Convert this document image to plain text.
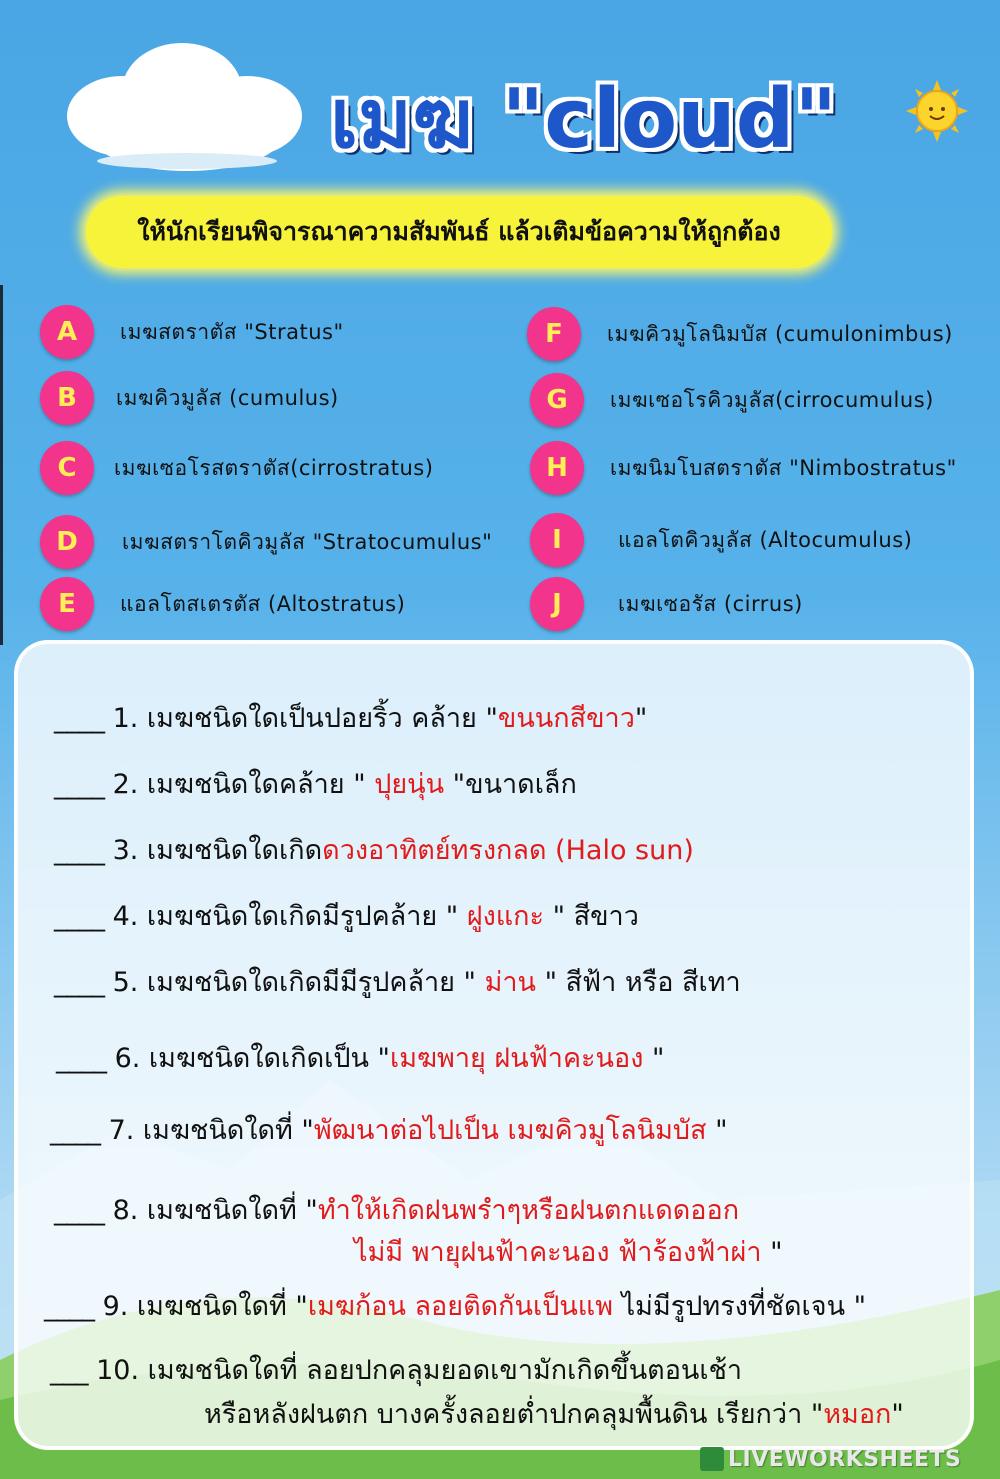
เมฆ "cloud"
ให้นักเรียนพิจารณาความสัมพันธ์ แล้วเติมข้อความให้ถูกต้อง
A	เมฆสตราตัส "Stratus"
B	เมฆคิวมูลัส (cumulus)
C	เมฆเซอโรสตราตัส(cirrostratus)
D	เมฆสตราโตคิวมูลัส "Stratocumulus"
E	แอลโตสเตรตัส (Altostratus)
F	เมฆคิวมูโลนิมบัส (cumulonimbus)
G	เมฆเซอโรคิวมูลัส(cirrocumulus)
H	เมฆนิมโบสตราตัส "Nimbostratus"
I	แอลโตคิวมูลัส (Altocumulus)
J	เมฆเซอรัส (cirrus)
____ 1. เมฆชนิดใดเป็นปอยริ้ว คล้าย "ขนนกสีขาว"
____ 2. เมฆชนิดใดคล้าย " ปุยนุ่น "ขนาดเล็ก
____ 3. เมฆชนิดใดเกิดดวงอาทิตย์ทรงกลด (Halo sun)
____ 4. เมฆชนิดใดเกิดมีรูปคล้าย " ฝูงแกะ " สีขาว
____ 5. เมฆชนิดใดเกิดมีมีรูปคล้าย " ม่าน " สีฟ้า หรือ สีเทา
____ 6. เมฆชนิดใดเกิดเป็น "เมฆพายุ ฝนฟ้าคะนอง "
____ 7. เมฆชนิดใดที่ "พัฒนาต่อไปเป็น เมฆคิวมูโลนิมบัส "
____ 8. เมฆชนิดใดที่ "ทำให้เกิดฝนพรำๆหรือฝนตกแดดออก
ไม่มี พายุฝนฟ้าคะนอง ฟ้าร้องฟ้าผ่า "
____ 9. เมฆชนิดใดที่ "เมฆก้อน ลอยติดกันเป็นแพ ไม่มีรูปทรงที่ชัดเจน "
___ 10. เมฆชนิดใดที่ ลอยปกคลุมยอดเขามักเกิดขึ้นตอนเช้า
หรือหลังฝนตก บางครั้งลอยต่ำปกคลุมพื้นดิน เรียกว่า "หมอก"
LIVEWORKSHEETS
